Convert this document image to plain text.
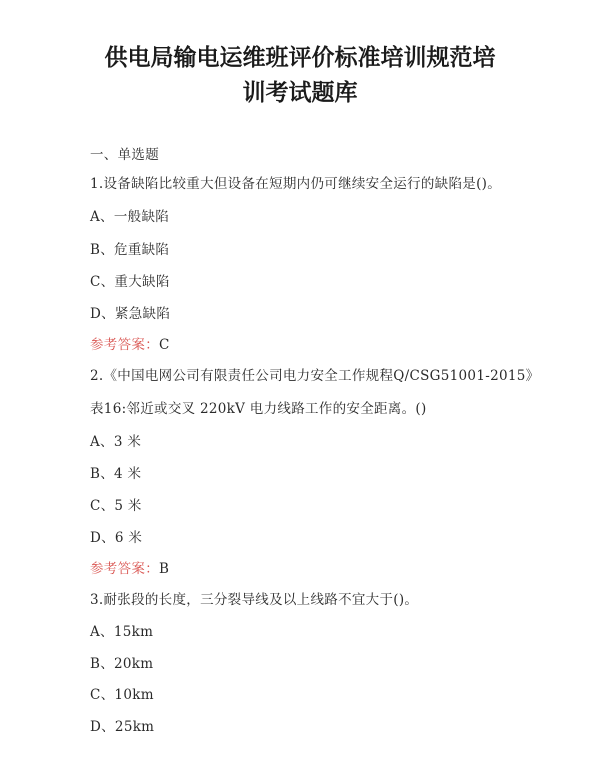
供电局输电运维班评价标准培训规范培
训考试题库
一、单选题
1.设备缺陷比较重大但设备在短期内仍可继续安全运行的缺陷是()。
A、一般缺陷
B、危重缺陷
C、重大缺陷
D、紧急缺陷
参考答案：C
2.《中国电网公司有限责任公司电力安全工作规程Q/CSG51001-2015》
表16:邻近或交叉 220kV 电力线路工作的安全距离。()
A、3 米
B、4 米
C、5 米
D、6 米
参考答案：B
3.耐张段的长度，三分裂导线及以上线路不宜大于()。
A、15km
B、20km
C、10km
D、25km
